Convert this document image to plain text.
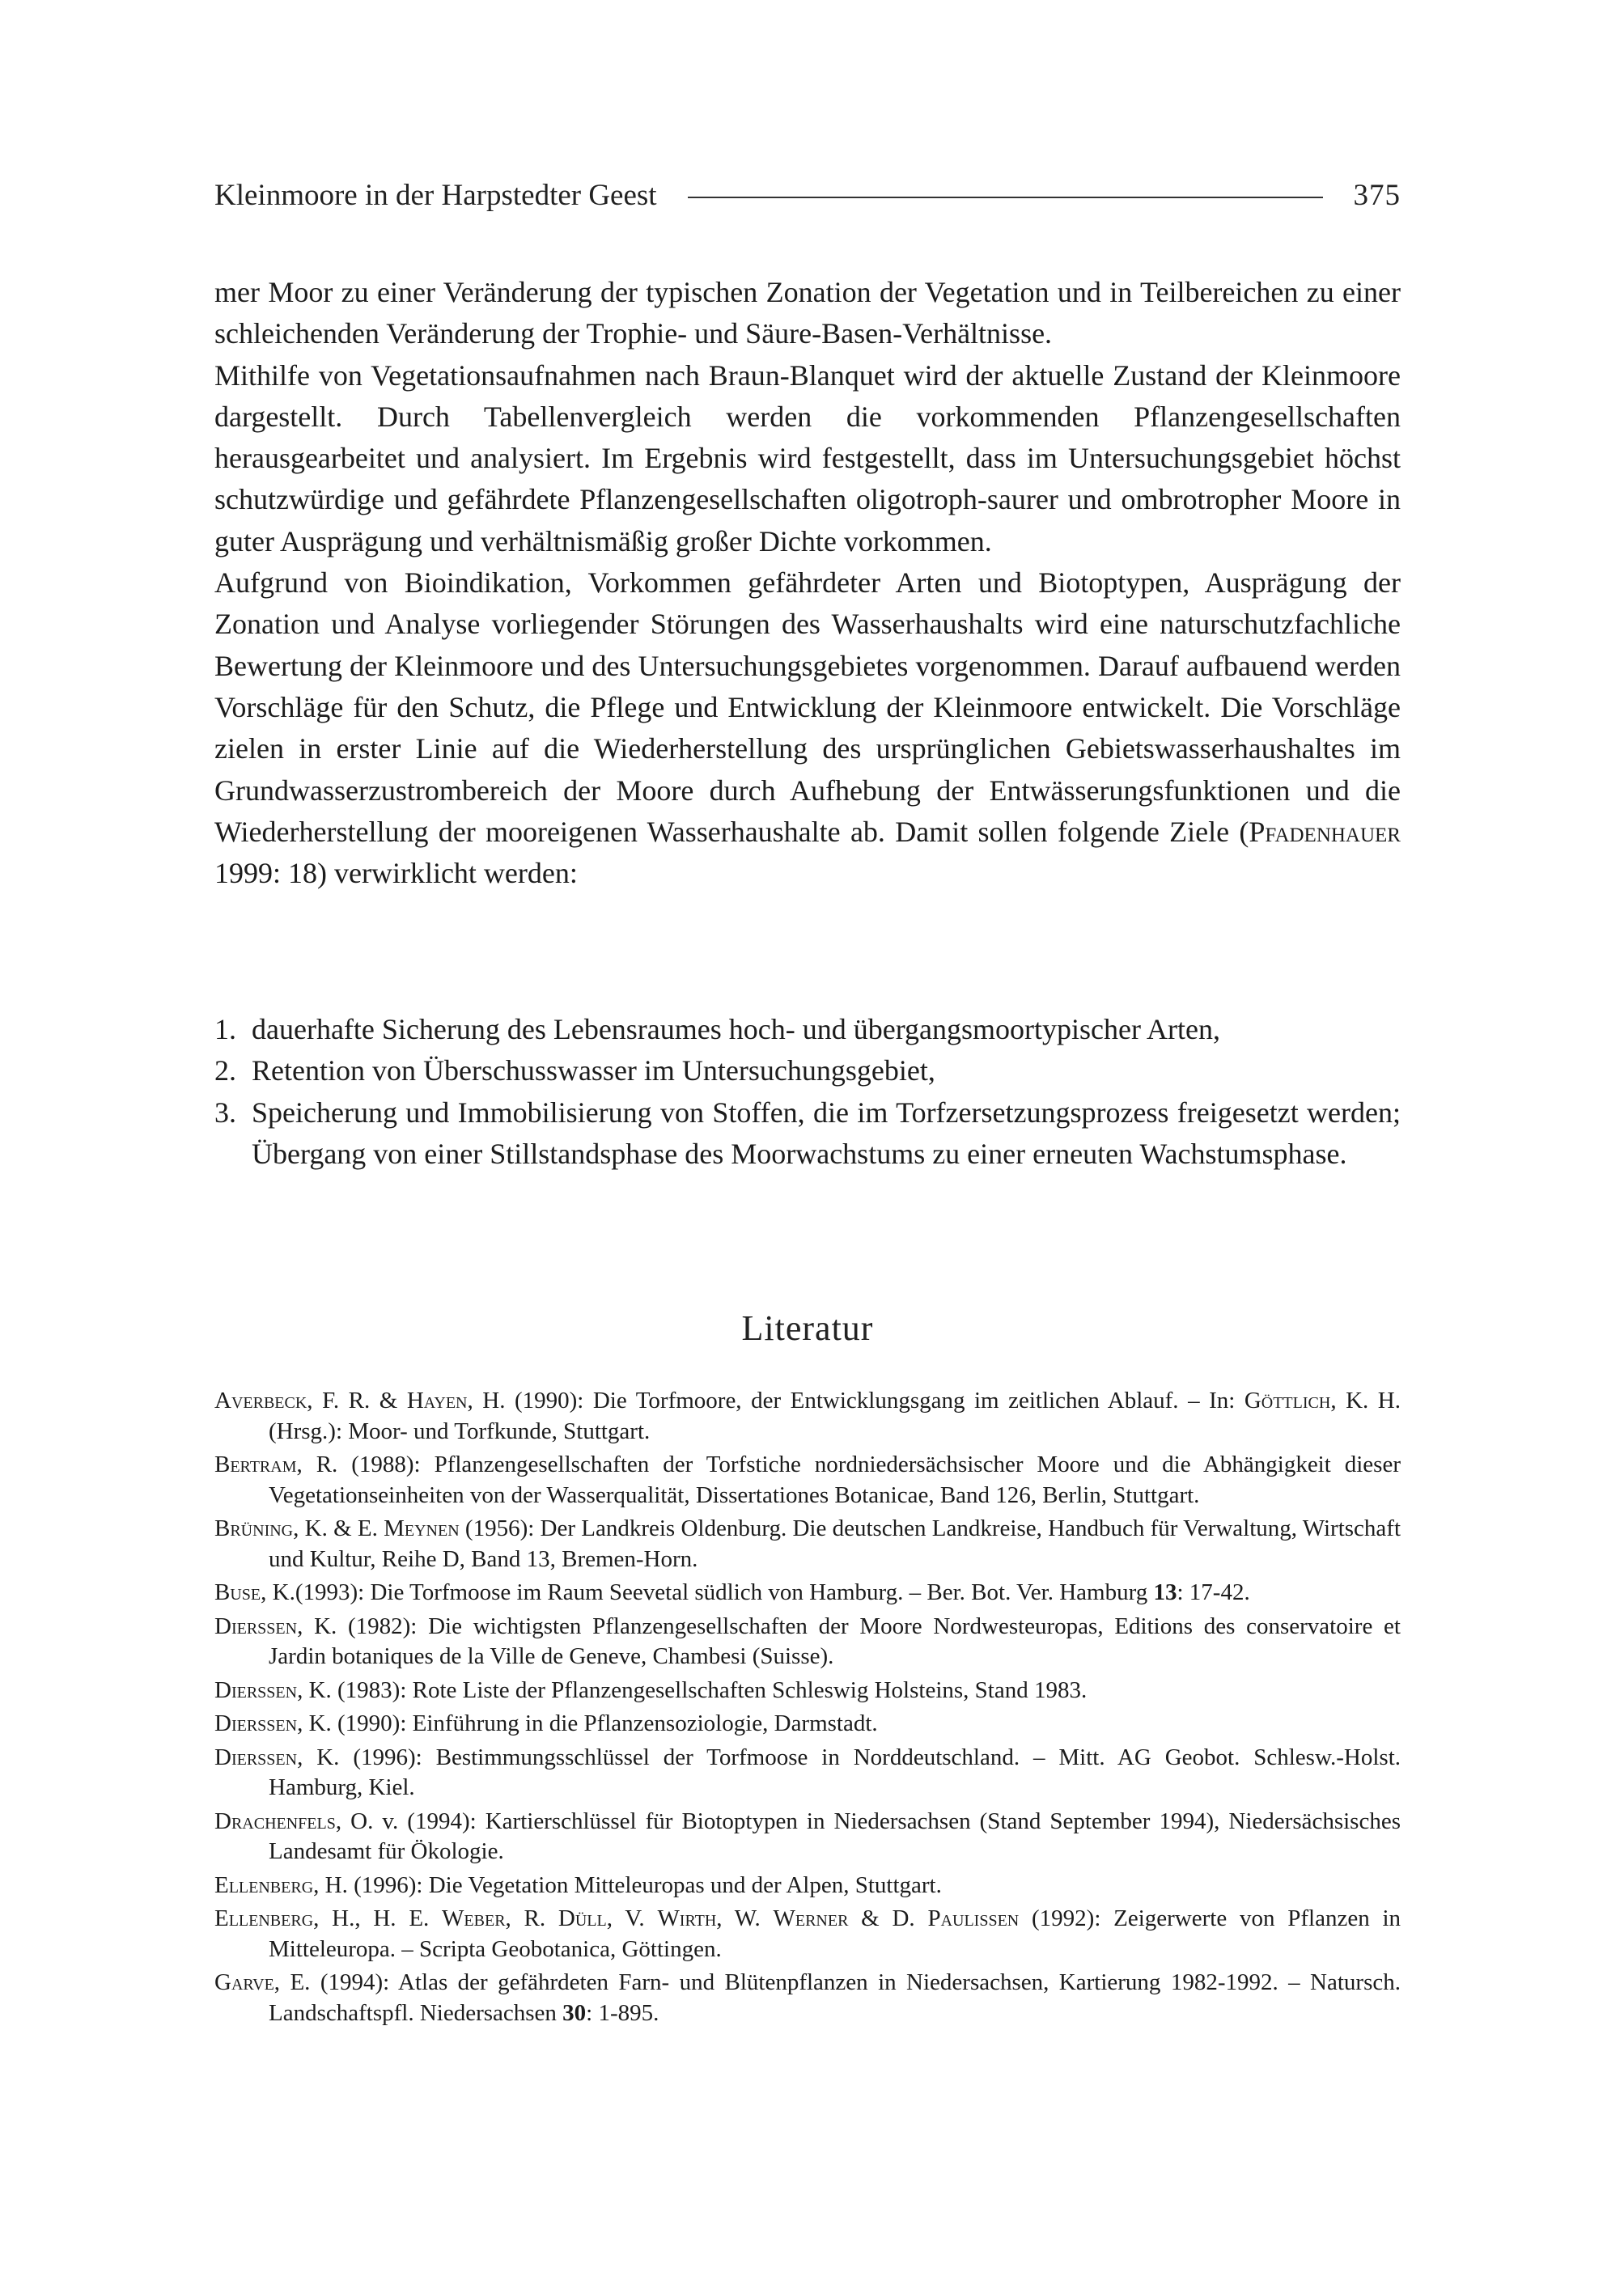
Kleinmoore in der Harpstedter Geest	375

mer Moor zu einer Veränderung der typischen Zonation der Vegetation und in Teilbereichen zu einer schleichenden Veränderung der Trophie- und Säure-Basen-Verhältnisse.

Mithilfe von Vegetationsaufnahmen nach Braun-Blanquet wird der aktuelle Zustand der Kleinmoore dargestellt. Durch Tabellenvergleich werden die vorkommenden Pflanzengesellschaften herausgearbeitet und analysiert. Im Ergebnis wird festgestellt, dass im Untersuchungsgebiet höchst schutzwürdige und gefährdete Pflanzengesellschaften oligotroph-saurer und ombrotropher Moore in guter Ausprägung und verhältnismäßig großer Dichte vorkommen.

Aufgrund von Bioindikation, Vorkommen gefährdeter Arten und Biotoptypen, Ausprägung der Zonation und Analyse vorliegender Störungen des Wasserhaushalts wird eine naturschutzfachliche Bewertung der Kleinmoore und des Untersuchungsgebietes vorgenommen. Darauf aufbauend werden Vorschläge für den Schutz, die Pflege und Entwicklung der Kleinmoore entwickelt. Die Vorschläge zielen in erster Linie auf die Wiederherstellung des ursprünglichen Gebietswasserhaushaltes im Grundwasserzustrombereich der Moore durch Aufhebung der Entwässerungsfunktionen und die Wiederherstellung der mooreigenen Wasserhaushalte ab. Damit sollen folgende Ziele (Pfadenhauer 1999: 18) verwirklicht werden:

1. dauerhafte Sicherung des Lebensraumes hoch- und übergangsmoortypischer Arten,
2. Retention von Überschusswasser im Untersuchungsgebiet,
3. Speicherung und Immobilisierung von Stoffen, die im Torfzersetzungsprozess freigesetzt werden; Übergang von einer Stillstandsphase des Moorwachstums zu einer erneuten Wachstumsphase.
Literatur
Averbeck, F. R. & Hayen, H. (1990): Die Torfmoore, der Entwicklungsgang im zeitlichen Ablauf. – In: Göttlich, K. H. (Hrsg.): Moor- und Torfkunde, Stuttgart.
Bertram, R. (1988): Pflanzengesellschaften der Torfstiche nordniedersächsischer Moore und die Abhängigkeit dieser Vegetationseinheiten von der Wasserqualität, Dissertationes Botanicae, Band 126, Berlin, Stuttgart.
Brüning, K. & E. Meynen (1956): Der Landkreis Oldenburg. Die deutschen Landkreise, Handbuch für Verwaltung, Wirtschaft und Kultur, Reihe D, Band 13, Bremen-Horn.
Buse, K.(1993): Die Torfmoose im Raum Seevetal südlich von Hamburg. – Ber. Bot. Ver. Hamburg 13: 17-42.
Dierßen, K. (1982): Die wichtigsten Pflanzengesellschaften der Moore Nordwesteuropas, Editions des conservatoire et Jardin botaniques de la Ville de Geneve, Chambesi (Suisse).
Dierßen, K. (1983): Rote Liste der Pflanzengesellschaften Schleswig Holsteins, Stand 1983.
Dierßen, K. (1990): Einführung in die Pflanzensoziologie, Darmstadt.
Dierßen, K. (1996): Bestimmungsschlüssel der Torfmoose in Norddeutschland. – Mitt. AG Geobot. Schlesw.-Holst. Hamburg, Kiel.
Drachenfels, O. v. (1994): Kartierschlüssel für Biotoptypen in Niedersachsen (Stand September 1994), Niedersächsisches Landesamt für Ökologie.
Ellenberg, H. (1996): Die Vegetation Mitteleuropas und der Alpen, Stuttgart.
Ellenberg, H., H. E. Weber, R. Düll, V. Wirth, W. Werner & D. Paulißen (1992): Zeigerwerte von Pflanzen in Mitteleuropa. – Scripta Geobotanica, Göttingen.
Garve, E. (1994): Atlas der gefährdeten Farn- und Blütenpflanzen in Niedersachsen, Kartierung 1982-1992. – Natursch. Landschaftspfl. Niedersachsen 30: 1-895.
